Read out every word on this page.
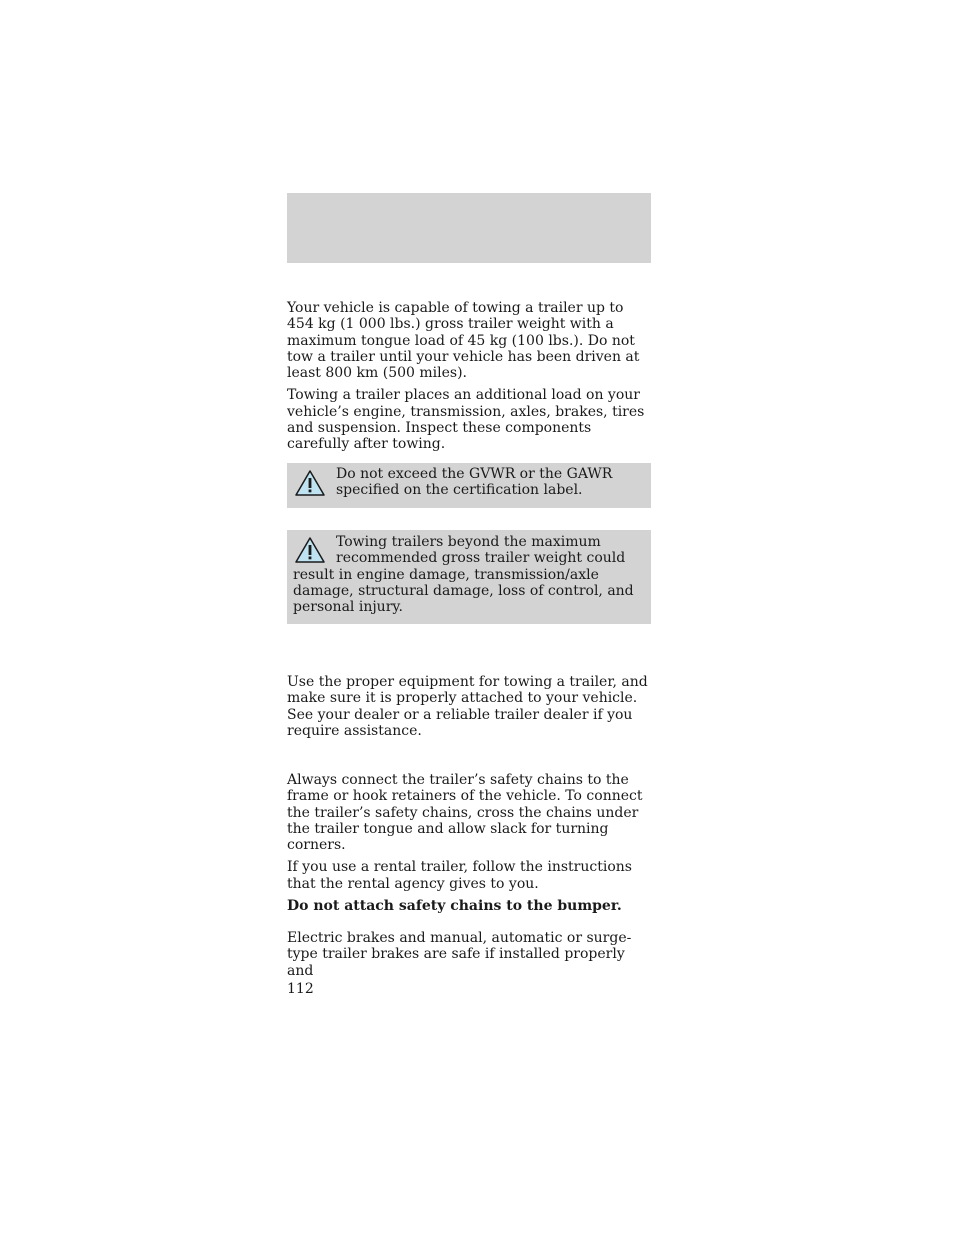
Your vehicle is capable of towing a trailer up to 454 kg (1 000 lbs.) gross trailer weight with a maximum tongue load of 45 kg (100 lbs.). Do not tow a trailer until your vehicle has been driven at least 800 km (500 miles).

Towing a trailer places an additional load on your vehicle’s engine, transmission, axles, brakes, tires and suspension. Inspect these components carefully after towing.

Do not exceed the GVWR or the GAWR
specified on the certification label.
Towing trailers beyond the maximum
recommended gross trailer weight could
result in engine damage, transmission/axle damage, structural damage, loss of control, and personal injury.

Use the proper equipment for towing a trailer, and make sure it is properly attached to your vehicle. See your dealer or a reliable trailer dealer if you require assistance.

Always connect the trailer’s safety chains to the frame or hook retainers of the vehicle. To connect the trailer’s safety chains, cross the chains under the trailer tongue and allow slack for turning corners.

If you use a rental trailer, follow the instructions that the rental agency gives to you.

Do not attach safety chains to the bumper.

Electric brakes and manual, automatic or surge-type trailer brakes are safe if installed properly and

112
